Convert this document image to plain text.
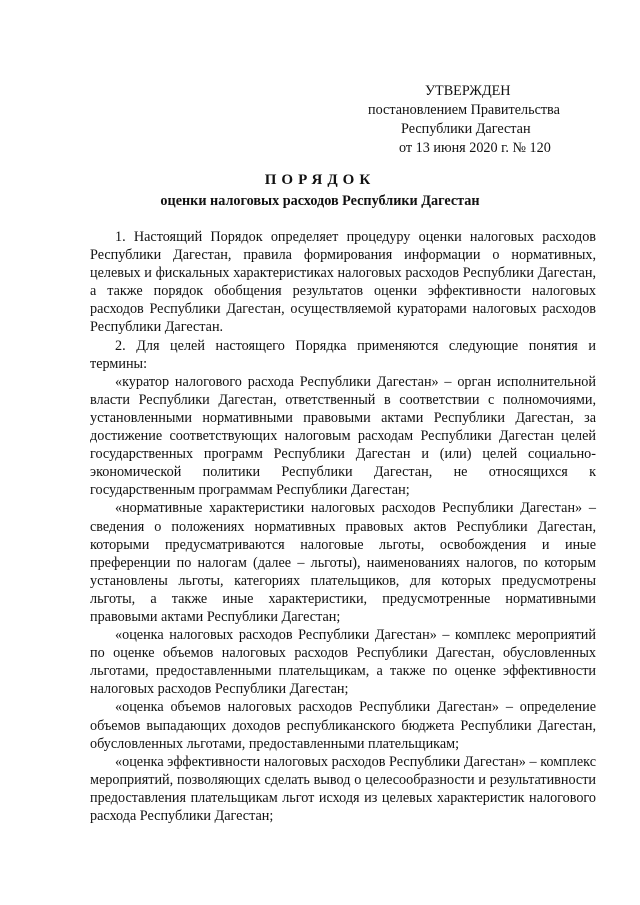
УТВЕРЖДЕН
постановлением Правительства
Республики Дагестан
от 13 июня 2020 г. № 120
ПОРЯДОК
оценки налоговых расходов Республики Дагестан

1. Настоящий Порядок определяет процедуру оценки налоговых расходов Республики Дагестан, правила формирования информации о нормативных, целевых и фискальных характеристиках налоговых расходов Республики Дагестан, а также порядок обобщения результатов оценки эффективности налоговых расходов Республики Дагестан, осуществляемой кураторами налоговых расходов Республики Дагестан.

2. Для целей настоящего Порядка применяются следующие понятия и термины:

«куратор налогового расхода Республики Дагестан» – орган исполнительной власти Республики Дагестан, ответственный в соответствии с полномочиями, установленными нормативными правовыми актами Республики Дагестан, за достижение соответствующих налоговым расходам Республики Дагестан целей государственных программ Республики Дагестан и (или) целей социально-экономической политики Республики Дагестан, не относящихся к государственным программам Республики Дагестан;

«нормативные характеристики налоговых расходов Республики Дагестан» – сведения о положениях нормативных правовых актов Республики Дагестан, которыми предусматриваются налоговые льготы, освобождения и иные преференции по налогам (далее – льготы), наименованиях налогов, по которым установлены льготы, категориях плательщиков, для которых предусмотрены льготы, а также иные характеристики, предусмотренные нормативными правовыми актами Республики Дагестан;

«оценка налоговых расходов Республики Дагестан» – комплекс мероприятий по оценке объемов налоговых расходов Республики Дагестан, обусловленных льготами, предоставленными плательщикам, а также по оценке эффективности налоговых расходов Республики Дагестан;

«оценка объемов налоговых расходов Республики Дагестан» – определение объемов выпадающих доходов республиканского бюджета Республики Дагестан, обусловленных льготами, предоставленными плательщикам;

«оценка эффективности налоговых расходов Республики Дагестан» – комплекс мероприятий, позволяющих сделать вывод о целесообразности и результативности предоставления плательщикам льгот исходя из целевых характеристик налогового расхода Республики Дагестан;
